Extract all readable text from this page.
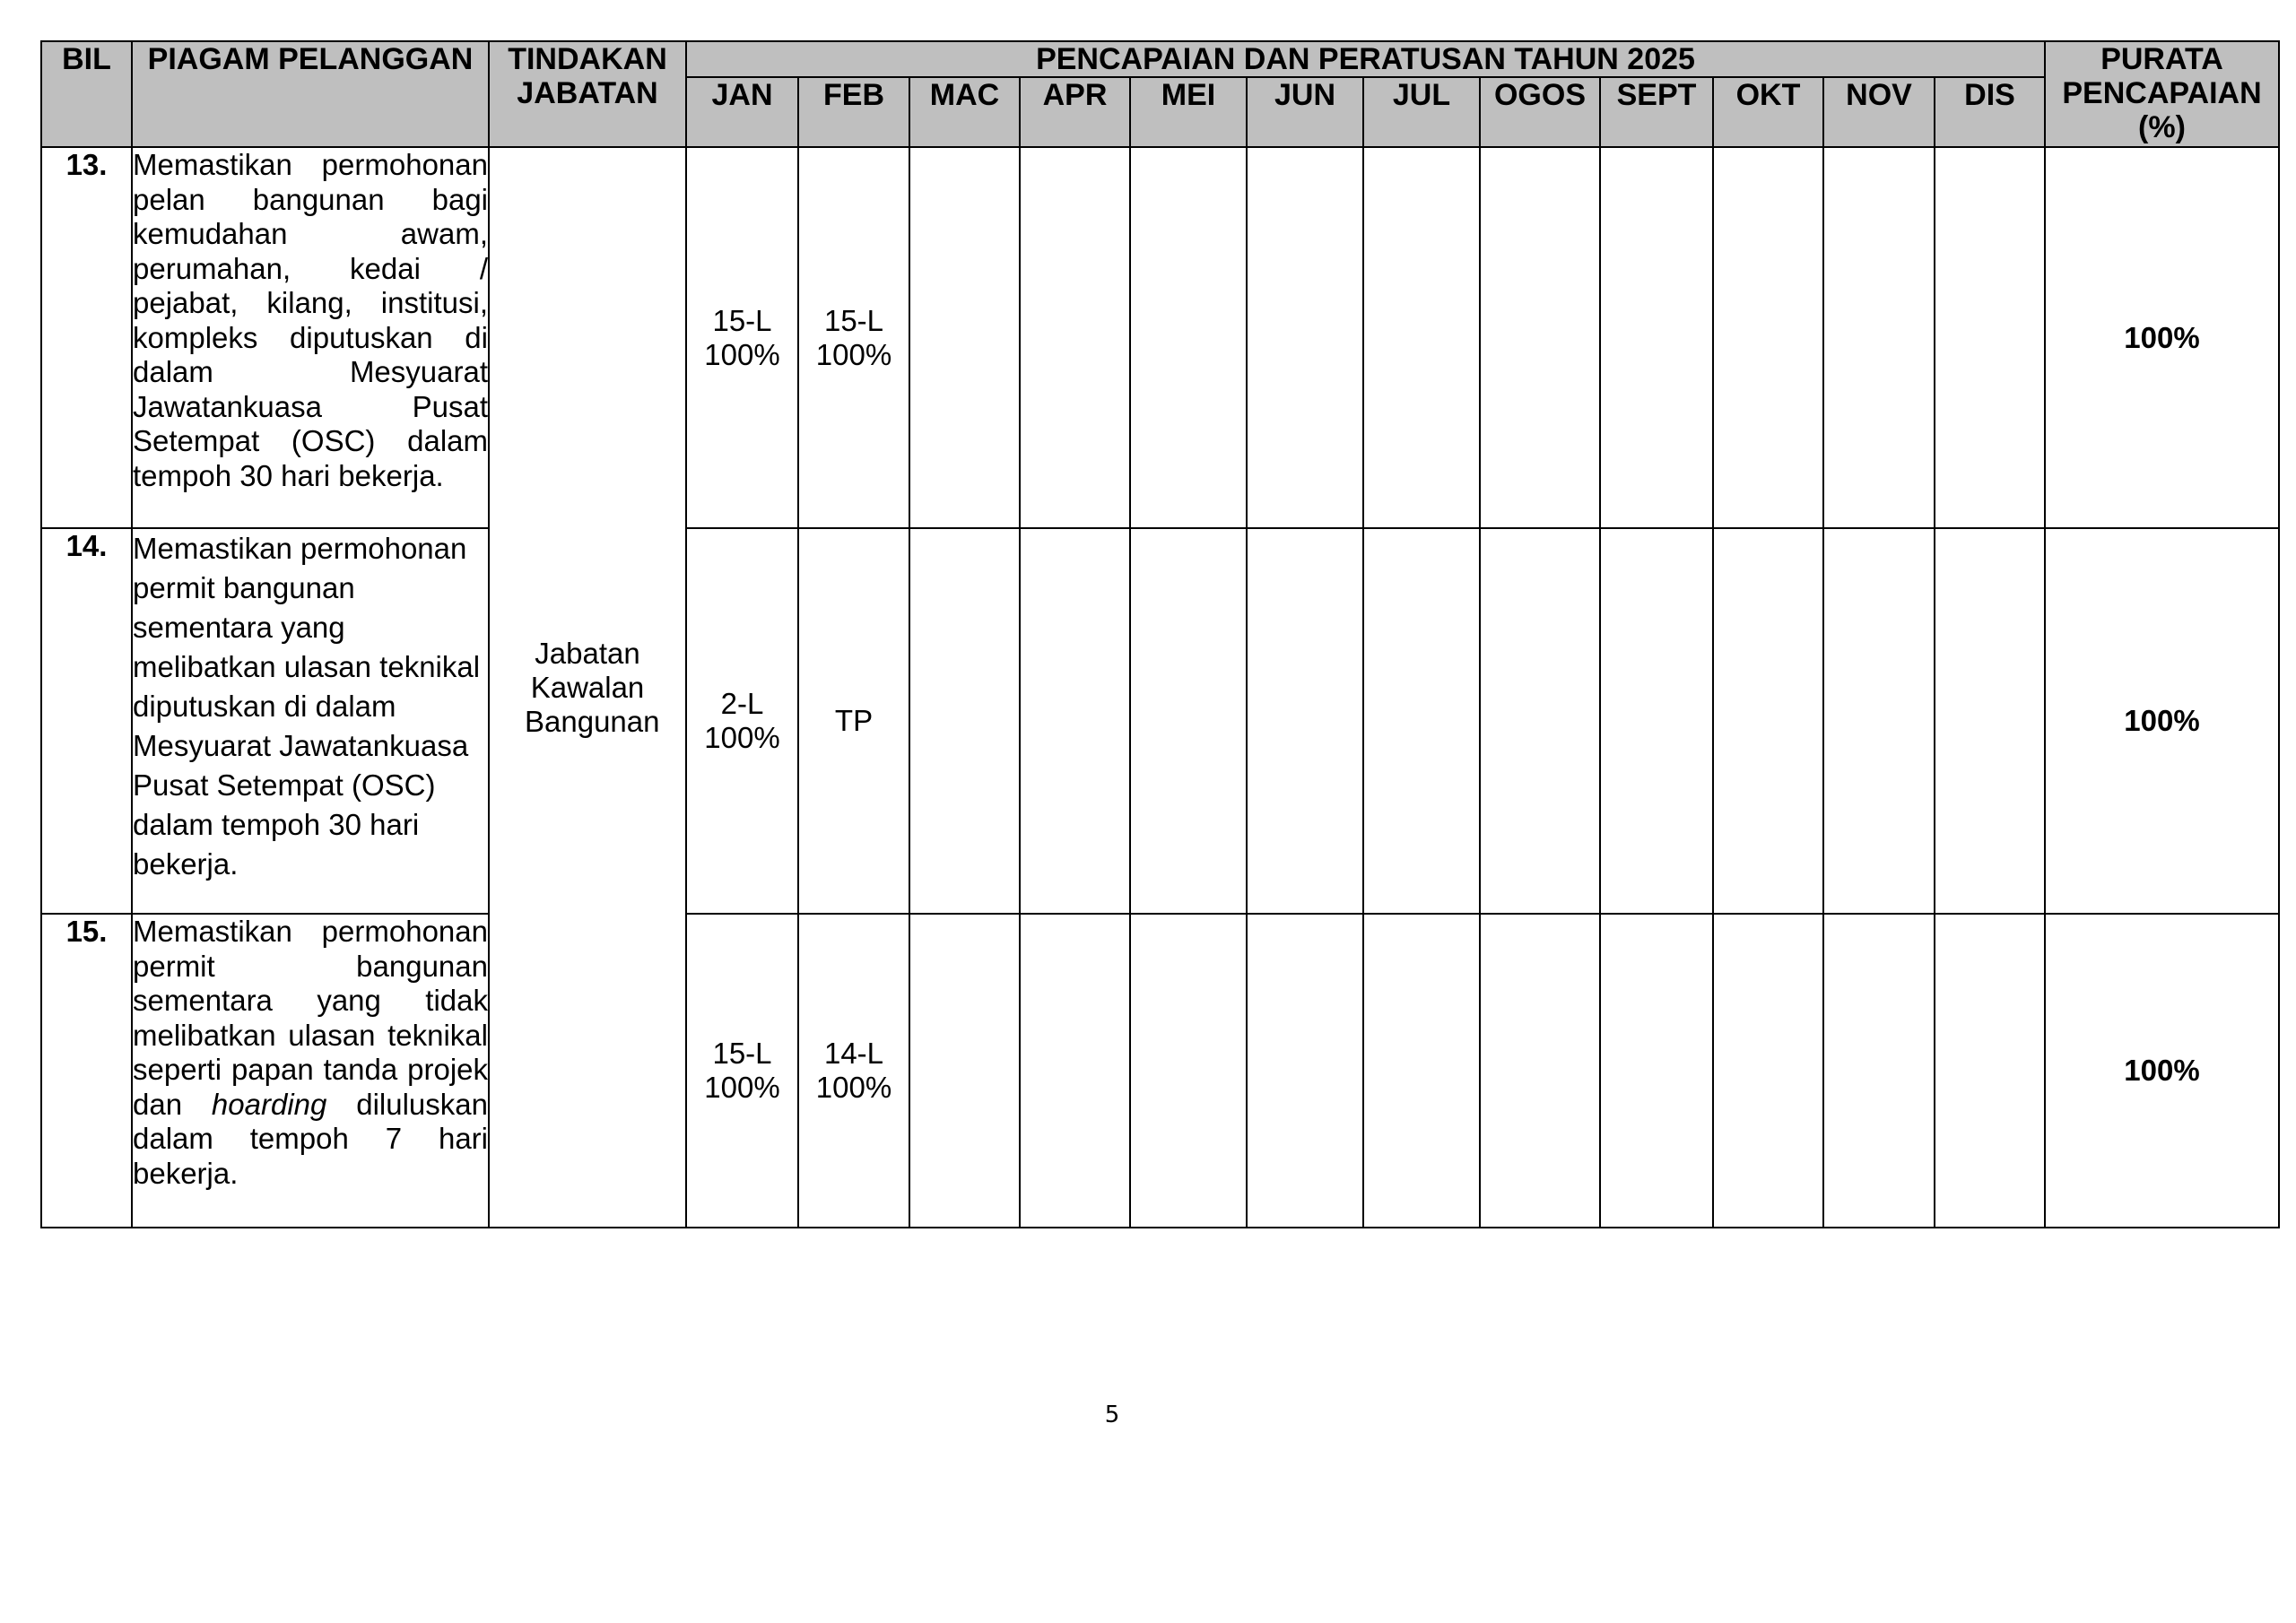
BIL	PIAGAM PELANGGAN	TINDAKAN JABATAN	PENCAPAIAN DAN PERATUSAN TAHUN 2025												PURATA PENCAPAIAN (%)
			JAN	FEB	MAC	APR	MEI	JUN	JUL	OGOS	SEPT	OKT	NOV	DIS	
13.	Memastikan permohonan pelan bangunan bagi kemudahan awam, perumahan, kedai / pejabat, kilang, institusi, kompleks diputuskan di dalam Mesyuarat Jawatankuasa Pusat Setempat (OSC) dalam tempoh 30 hari bekerja.	Jabatan Kawalan Bangunan	15-L 100%	15-L 100%											100%
14.	Memastikan permohonan permit bangunan sementara yang melibatkan ulasan teknikal diputuskan di dalam Mesyuarat Jawatankuasa Pusat Setempat (OSC) dalam tempoh 30 hari bekerja.		2-L 100%	TP											100%
15.	Memastikan permohonan permit bangunan sementara yang tidak melibatkan ulasan teknikal seperti papan tanda projek dan hoarding diluluskan dalam tempoh 7 hari bekerja.		15-L 100%	14-L 100%											100%
5
